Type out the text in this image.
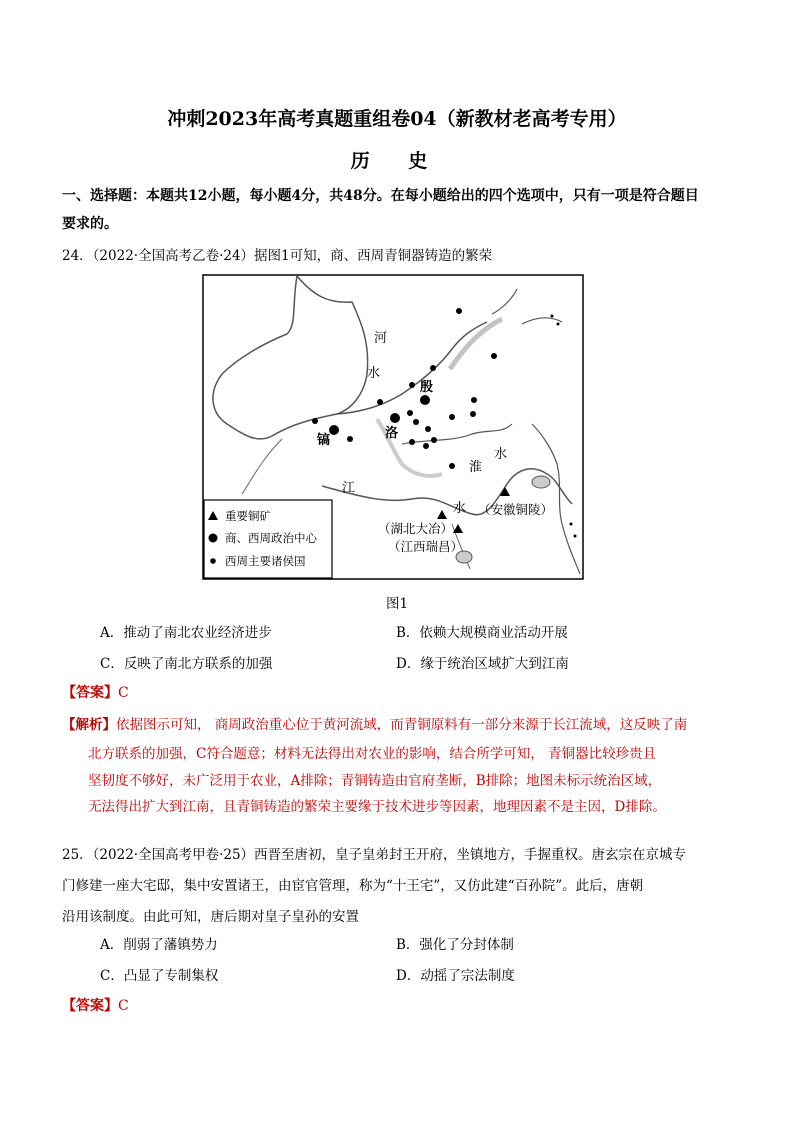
冲刺2023年高考真题重组卷04（新教材老高考专用）
历 史
一、选择题：本题共12小题，每小题4分，共48分。在每小题给出的四个选项中，只有一项是符合题目
要求的。
24．（2022·全国高考乙卷·24）据图1可知，商、西周青铜器铸造的繁荣
河
水
殷
洛
镐
淮
水
江
水 （安徽铜陵）
（湖北大冶）
（江西瑞昌）
重要铜矿
商、西周政治中心
西周主要诸侯国
图1
A．推动了南北农业经济进步	B．依赖大规模商业活动开展
C．反映了南北方联系的加强	D．缘于统治区域扩大到江南
【答案】C
【解析】依据图示可知， 商周政治重心位于黄河流域，而青铜原料有一部分来源于长江流域，这反映了南
北方联系的加强，C符合题意；材料无法得出对农业的影响，结合所学可知， 青铜器比较珍贵且
坚韧度不够好，未广泛用于农业，A排除；青铜铸造由官府垄断，B排除；地图未标示统治区域，
无法得出扩大到江南，且青铜铸造的繁荣主要缘于技术进步等因素，地理因素不是主因，D排除。
25．（2022·全国高考甲卷·25）西晋至唐初，皇子皇弟封王开府，坐镇地方，手握重权。唐玄宗在京城专
门修建一座大宅邸，集中安置诸王，由宦官管理，称为“十王宅”，又仿此建“百孙院”。此后，唐朝
沿用该制度。由此可知，唐后期对皇子皇孙的安置
A．削弱了藩镇势力	B．强化了分封体制
C．凸显了专制集权	D．动摇了宗法制度
【答案】C
